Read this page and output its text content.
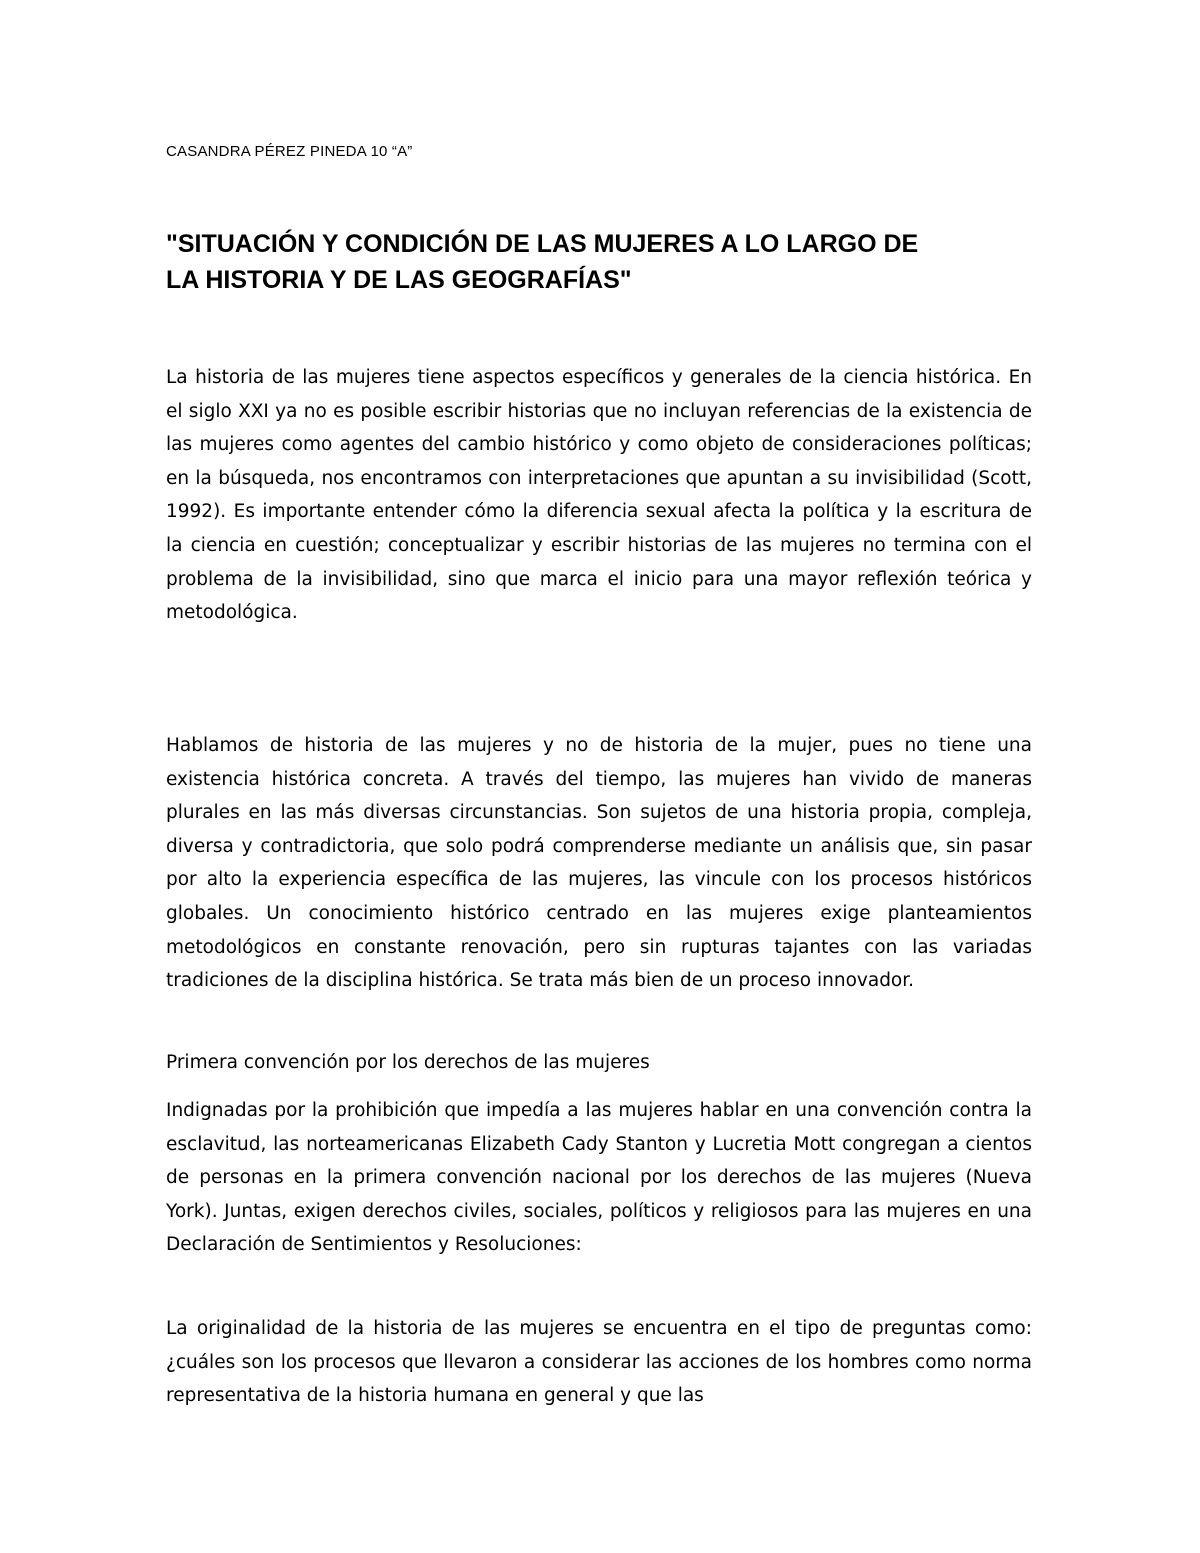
CASANDRA PÉREZ PINEDA 10 “A”

"SITUACIÓN Y CONDICIÓN DE LAS MUJERES A LO LARGO DE
LA HISTORIA Y DE LAS GEOGRAFÍAS"

La historia de las mujeres tiene aspectos específicos y generales de la ciencia histórica. En el siglo XXI ya no es posible escribir historias que no incluyan referencias de la existencia de las mujeres como agentes del cambio histórico y como objeto de consideraciones políticas; en la búsqueda, nos encontramos con interpretaciones que apuntan a su invisibilidad (Scott, 1992). Es importante entender cómo la diferencia sexual afecta la política y la escritura de la ciencia en cuestión; conceptualizar y escribir historias de las mujeres no termina con el problema de la invisibilidad, sino que marca el inicio para una mayor reflexión teórica y metodológica.

Hablamos de historia de las mujeres y no de historia de la mujer, pues no tiene una existencia histórica concreta. A través del tiempo, las mujeres han vivido de maneras plurales en las más diversas circunstancias. Son sujetos de una historia propia, compleja, diversa y contradictoria, que solo podrá comprenderse mediante un análisis que, sin pasar por alto la experiencia específica de las mujeres, las vincule con los procesos históricos globales. Un conocimiento histórico centrado en las mujeres exige planteamientos metodológicos en constante renovación, pero sin rupturas tajantes con las variadas tradiciones de la disciplina histórica. Se trata más bien de un proceso innovador.

Primera convención por los derechos de las mujeres

Indignadas por la prohibición que impedía a las mujeres hablar en una convención contra la esclavitud, las norteamericanas Elizabeth Cady Stanton y Lucretia Mott congregan a cientos de personas en la primera convención nacional por los derechos de las mujeres (Nueva York). Juntas, exigen derechos civiles, sociales, políticos y religiosos para las mujeres en una Declaración de Sentimientos y Resoluciones:

La originalidad de la historia de las mujeres se encuentra en el tipo de preguntas como: ¿cuáles son los procesos que llevaron a considerar las acciones de los hombres como norma representativa de la historia humana en general y que las
